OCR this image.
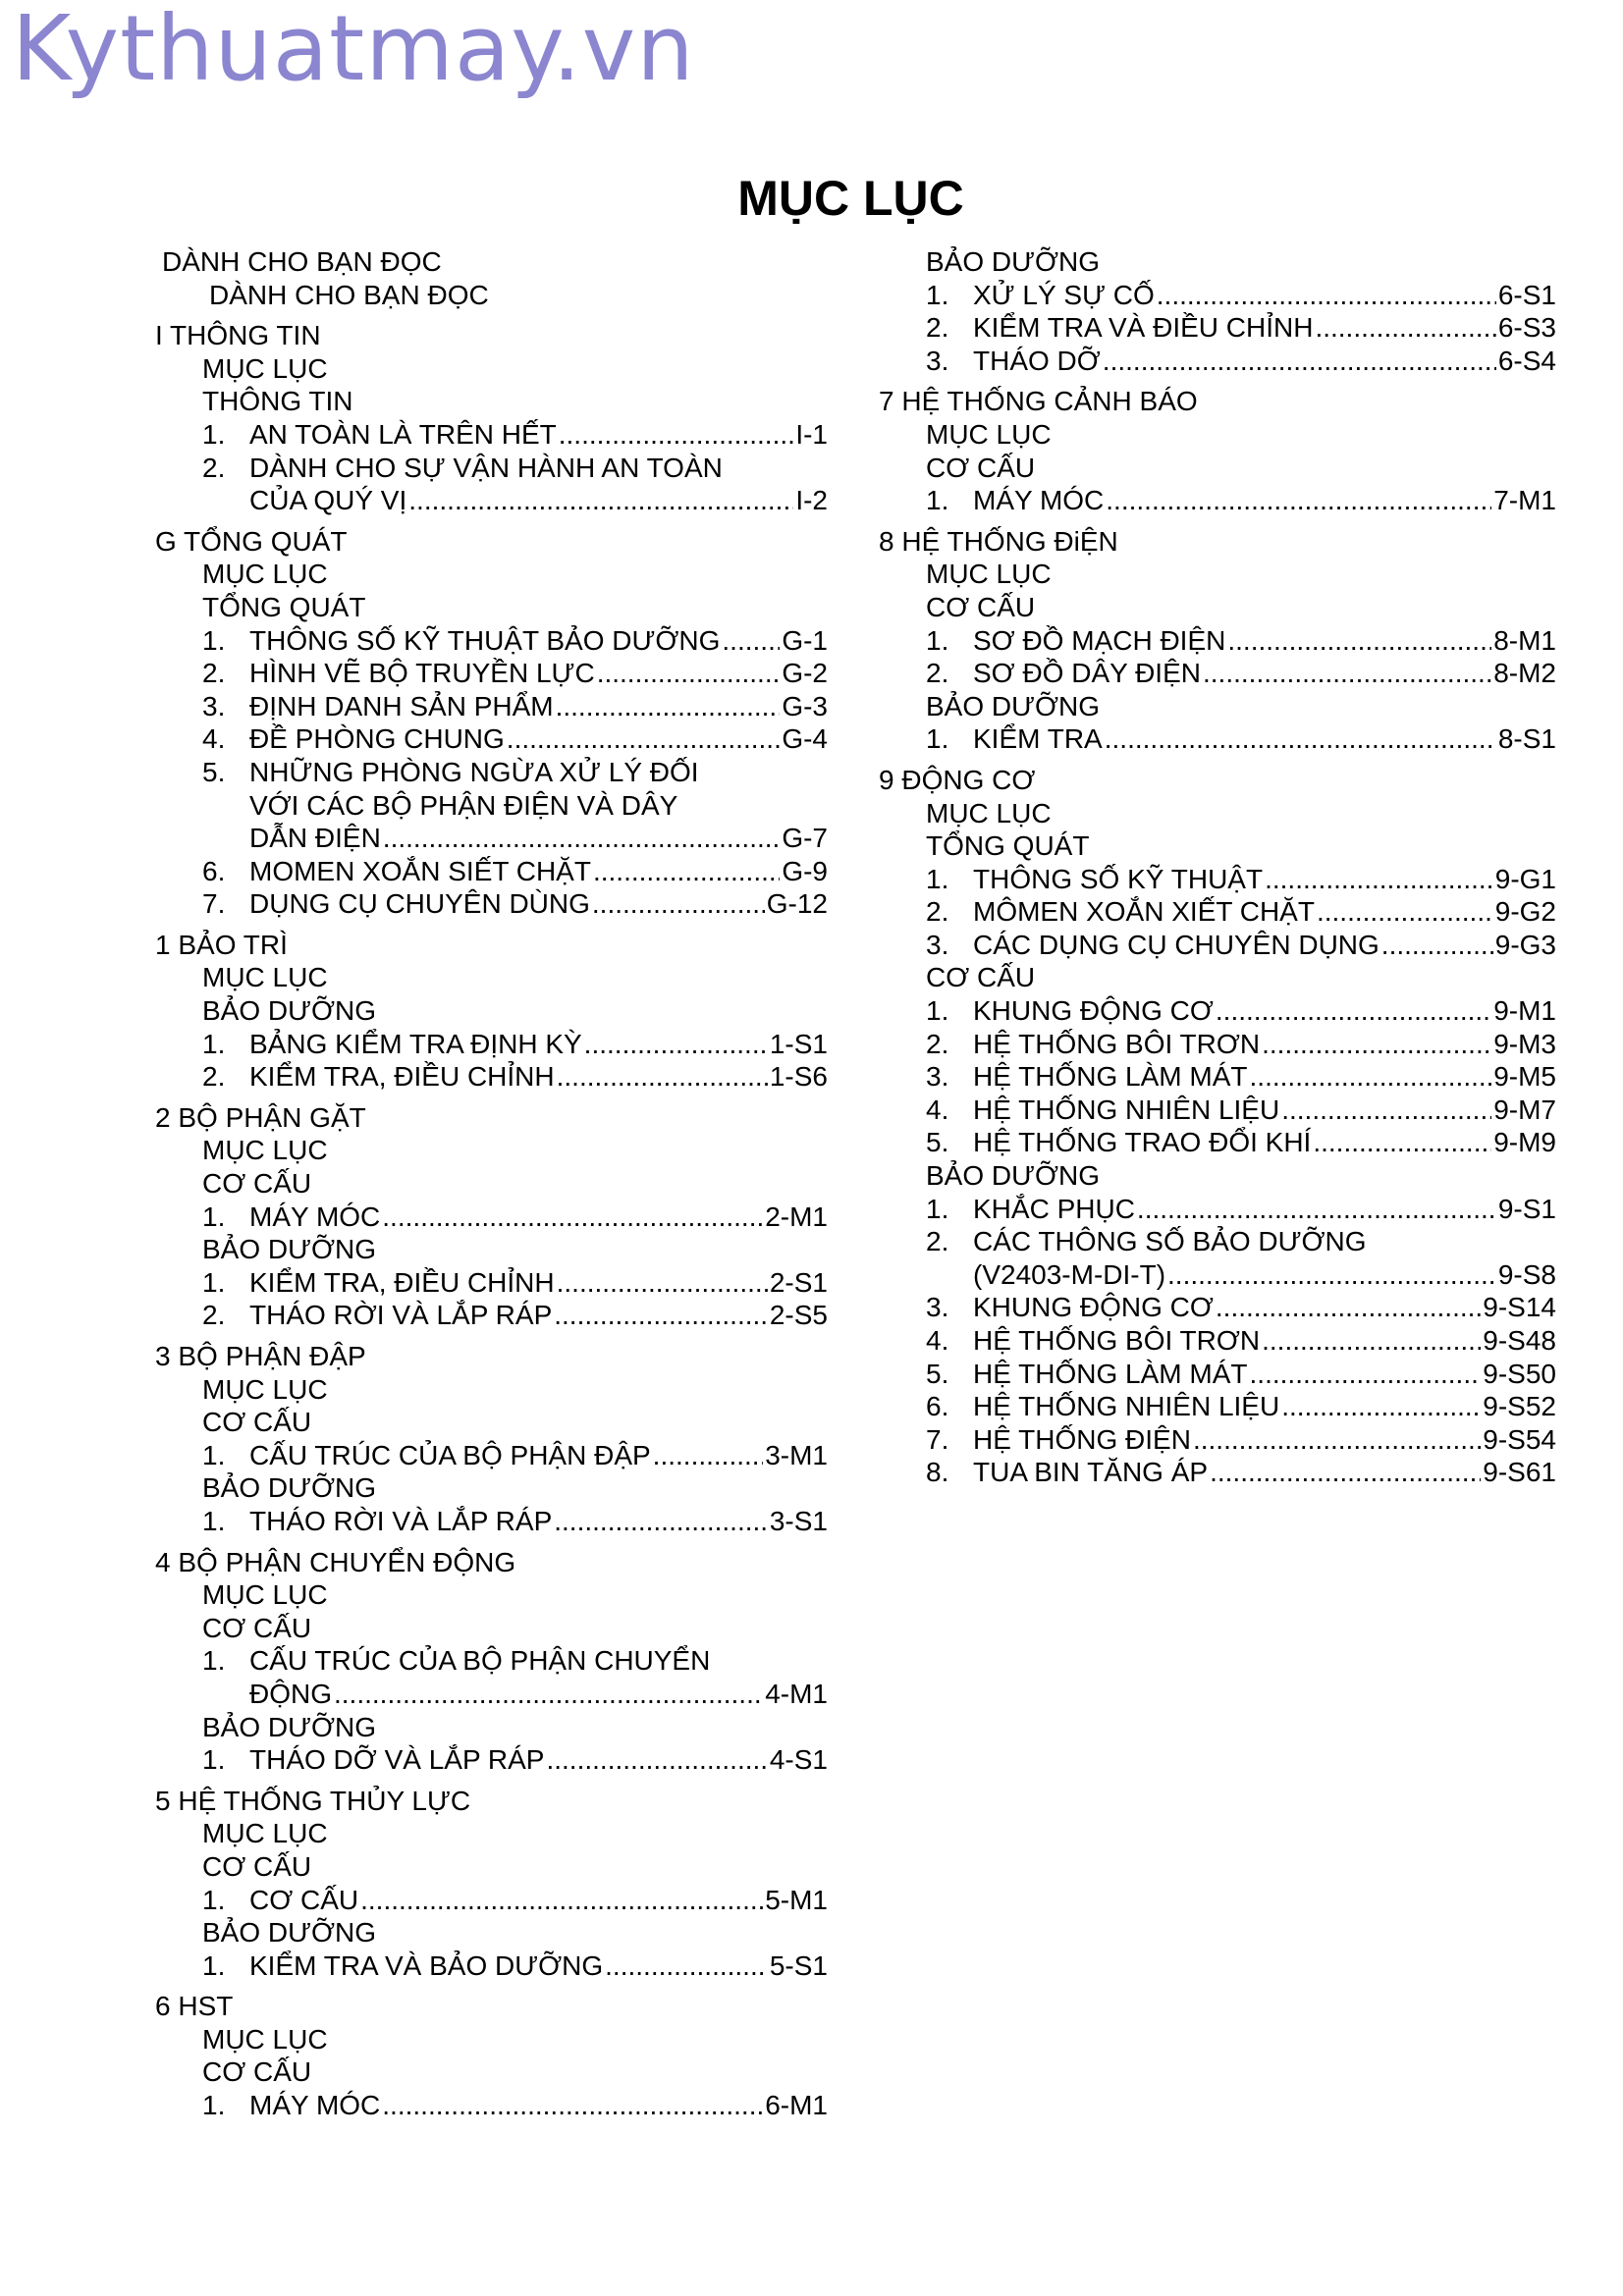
Kythuatmay.vn
MỤC LỤC
DÀNH CHO BẠN ĐỌC
DÀNH CHO BẠN ĐỌC
I THÔNG TIN
MỤC LỤC
THÔNG TIN
1. AN TOÀN LÀ TRÊN HẾT .....	I-1
2. DÀNH CHO SỰ VẬN HÀNH AN TOÀN
CỦA QUÝ VỊ .....	I-2
G TỔNG QUÁT
MỤC LỤC
TỔNG QUÁT
1. THÔNG SỐ KỸ THUẬT BẢO DƯỠNG ..... G-1
2. HÌNH VẼ BỘ TRUYỀN LỰC .....	G-2
3. ĐỊNH DANH SẢN PHẨM .....	G-3
4. ĐỀ PHÒNG CHUNG .....	G-4
5. NHỮNG PHÒNG NGỪA XỬ LÝ ĐỐI
VỚI CÁC BỘ PHẬN ĐIỆN VÀ DÂY
DẪN ĐIỆN .....	G-7
6. MOMEN XOẮN SIẾT CHẶT .....	G-9
7. DỤNG CỤ CHUYÊN DÙNG .....	G-12
1 BẢO TRÌ
MỤC LỤC
BẢO DƯỠNG
1. BẢNG KIỂM TRA ĐỊNH KỲ .....	1-S1
2. KIỂM TRA, ĐIỀU CHỈNH .....	1-S6
2 BỘ PHẬN GẶT
MỤC LỤC
CƠ CẤU
1. MÁY MÓC .....	2-M1
BẢO DƯỠNG
1. KIỂM TRA, ĐIỀU CHỈNH .....	2-S1
2. THÁO RỜI VÀ LẮP RÁP .....	2-S5
3 BỘ PHẬN ĐẬP
MỤC LỤC
CƠ CẤU
1. CẤU TRÚC CỦA BỘ PHẬN ĐẬP .....	3-M1
BẢO DƯỠNG
1. THÁO RỜI VÀ LẮP RÁP .....	3-S1
4 BỘ PHẬN CHUYỂN ĐỘNG
MỤC LỤC
CƠ CẤU
1. CẤU TRÚC CỦA BỘ PHẬN CHUYỂN
ĐỘNG .....	4-M1
BẢO DƯỠNG
1. THÁO DỠ VÀ LẮP RÁP .....	4-S1
5 HỆ THỐNG THỦY LỰC
MỤC LỤC
CƠ CẤU
1. CƠ CẤU .....	5-M1
BẢO DƯỠNG
1. KIỂM TRA VÀ BẢO DƯỠNG .....	5-S1
6 HST
MỤC LỤC
CƠ CẤU
1. MÁY MÓC .....	6-M1
BẢO DƯỠNG
1. XỬ LÝ SỰ CỐ .....	6-S1
2. KIỂM TRA VÀ ĐIỀU CHỈNH .....	6-S3
3. THÁO DỠ .....	6-S4
7 HỆ THỐNG CẢNH BÁO
MỤC LỤC
CƠ CẤU
1. MÁY MÓC .....	7-M1
8 HỆ THỐNG ĐiỆN
MỤC LỤC
CƠ CẤU
1. SƠ ĐỒ MẠCH ĐIỆN .....	8-M1
2. SƠ ĐỒ DÂY ĐIỆN .....	8-M2
BẢO DƯỠNG
1. KIỂM TRA .....	8-S1
9 ĐỘNG CƠ
MỤC LỤC
TỔNG QUÁT
1. THÔNG SỐ KỸ THUẬT .....	9-G1
2. MÔMEN XOẮN XIẾT CHẶT .....	9-G2
3. CÁC DỤNG CỤ CHUYÊN DỤNG .....	9-G3
CƠ CẤU
1. KHUNG ĐỘNG CƠ .....	9-M1
2. HỆ THỐNG BÔI TRƠN .....	9-M3
3. HỆ THỐNG LÀM MÁT .....	9-M5
4. HỆ THỐNG NHIÊN LIỆU .....	9-M7
5. HỆ THỐNG TRAO ĐỔI KHÍ .....	9-M9
BẢO DƯỠNG
1. KHẮC PHỤC .....	9-S1
2. CÁC THÔNG SỐ BẢO DƯỠNG
(V2403-M-DI-T) .....	9-S8
3. KHUNG ĐỘNG CƠ .....	9-S14
4. HỆ THỐNG BÔI TRƠN .....	9-S48
5. HỆ THỐNG LÀM MÁT .....	9-S50
6. HỆ THỐNG NHIÊN LIỆU .....	9-S52
7. HỆ THỐNG ĐIỆN .....	9-S54
8. TUA BIN TĂNG ÁP .....	9-S61
